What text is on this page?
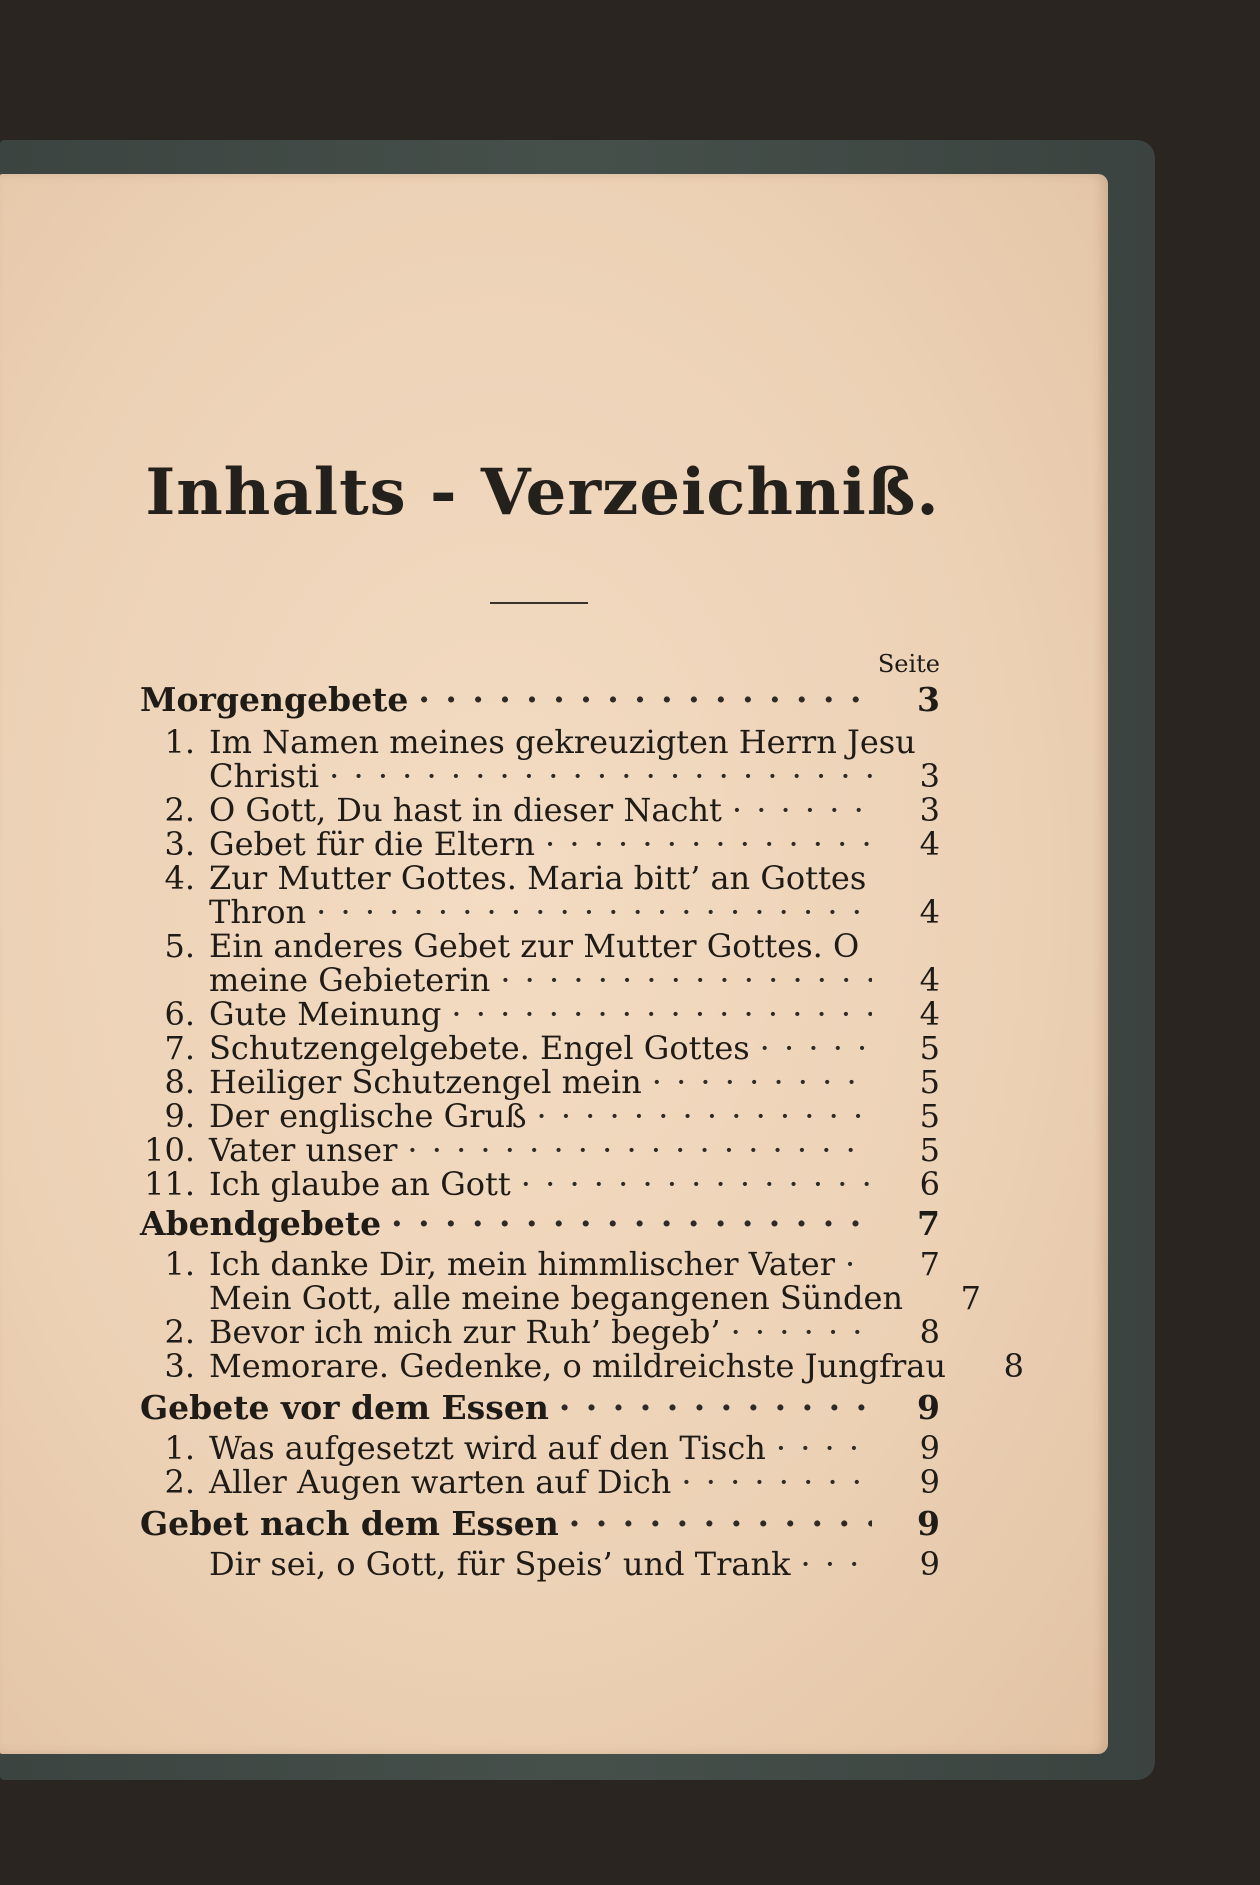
Inhalts - Verzeichniß.
Seite
Morgengebete · · ·	3
1. Im Namen meines gekreuzigten Herrn Jesu
Christi · · ·	3
2. O Gott, Du hast in dieser Nacht · · ·	3
3. Gebet für die Eltern · · ·	4
4. Zur Mutter Gottes. Maria bitt’ an Gottes
Thron · · ·	4
5. Ein anderes Gebet zur Mutter Gottes. O
meine Gebieterin · · ·	4
6. Gute Meinung · · ·	4
7. Schutzengelgebete. Engel Gottes · · ·	5
8. Heiliger Schutzengel mein · · ·	5
9. Der englische Gruß · · ·	5
10. Vater unser · · ·	5
11. Ich glaube an Gott · · ·	6
Abendgebete · · ·	7
1. Ich danke Dir, mein himmlischer Vater · · ·	7
Mein Gott, alle meine begangenen Sünden	7
2. Bevor ich mich zur Ruh’ begeb’ · · ·	8
3. Memorare. Gedenke, o mildreichste Jungfrau	8
Gebete vor dem Essen · · ·	9
1. Was aufgesetzt wird auf den Tisch · · ·	9
2. Aller Augen warten auf Dich · · ·	9
Gebet nach dem Essen · · ·	9
Dir sei, o Gott, für Speis’ und Trank · · ·	9
